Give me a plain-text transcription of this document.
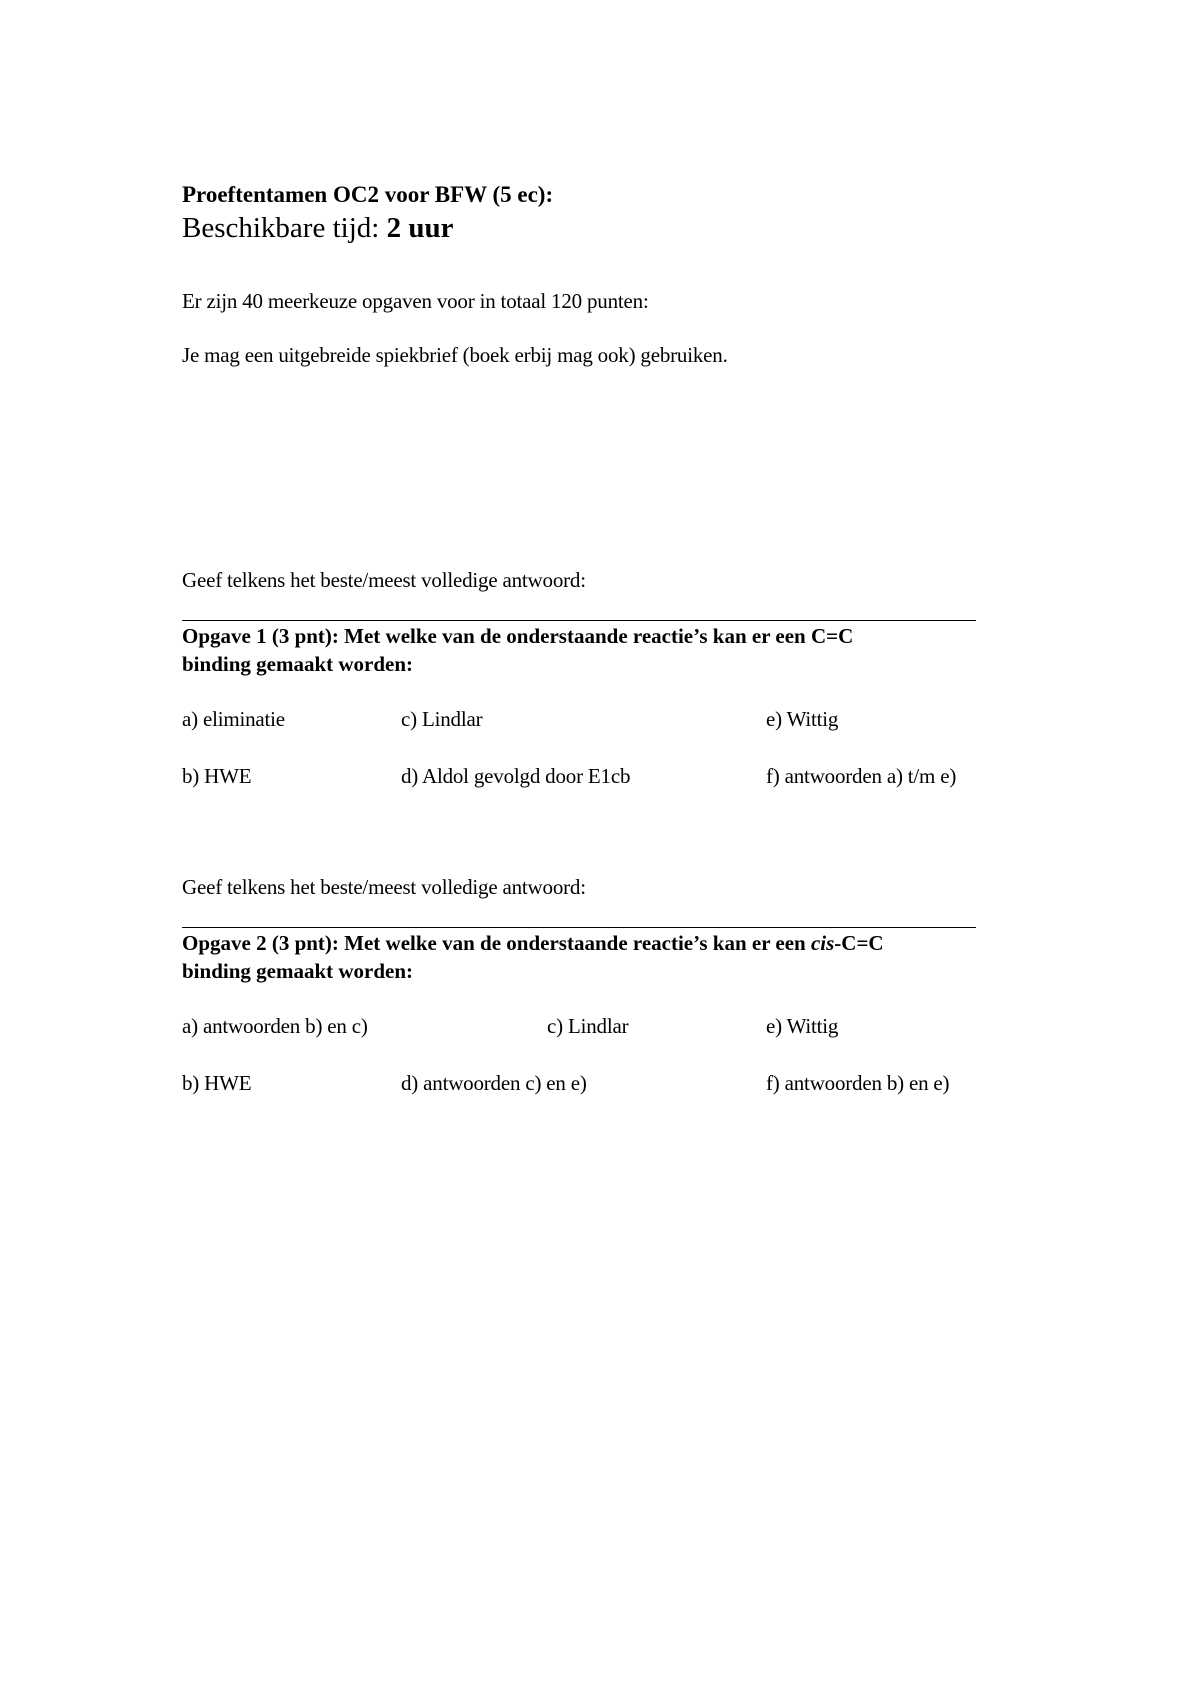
Proeftentamen OC2 voor BFW (5 ec):
Beschikbare tijd: 2 uur
Er zijn 40 meerkeuze opgaven voor in totaal 120 punten:
Je mag een uitgebreide spiekbrief (boek erbij mag ook) gebruiken.
Geef telkens het beste/meest volledige antwoord:
Opgave 1 (3 pnt): Met welke van de onderstaande reactie’s kan er een C=C
binding gemaakt worden:
a) eliminatie	c) Lindlar	e) Wittig
b) HWE	d) Aldol gevolgd door E1cb	f) antwoorden a) t/m e)
Geef telkens het beste/meest volledige antwoord:
Opgave 2 (3 pnt): Met welke van de onderstaande reactie’s kan er een cis-C=C
binding gemaakt worden:
a) antwoorden b) en c)	c) Lindlar	e) Wittig
b) HWE	d) antwoorden c) en e)	f) antwoorden b) en e)
